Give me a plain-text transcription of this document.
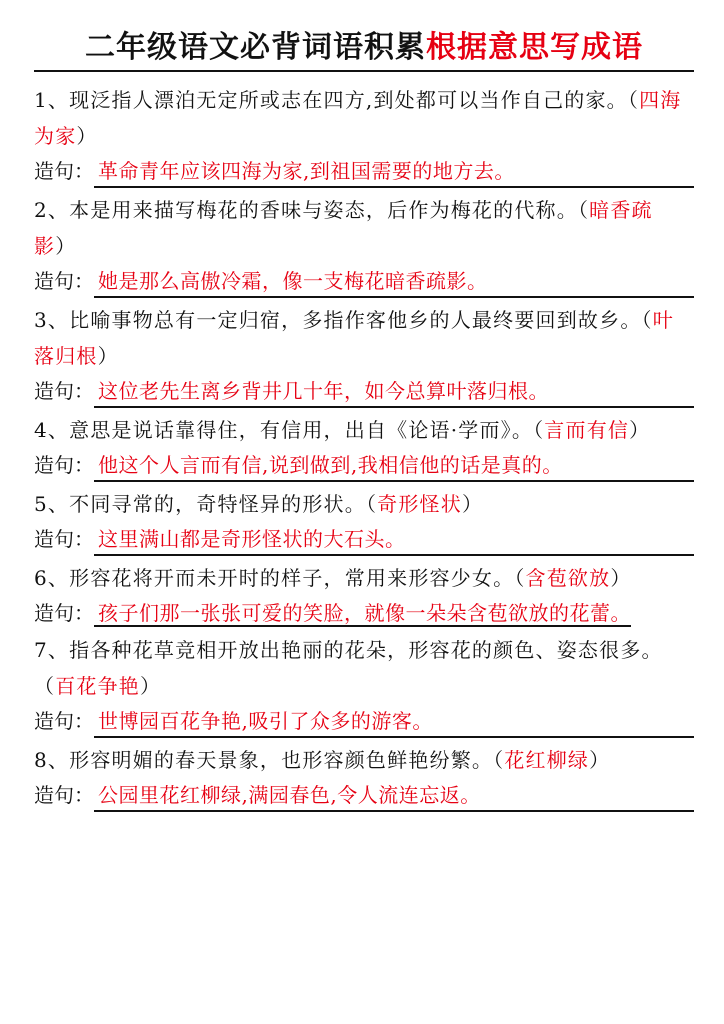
二年级语文必背词语积累 根据意思写成语

1、现泛指人漂泊无定所或志在四方,到处都可以当作自己的家。（四海为家）

造句： 革命青年应该四海为家,到祖国需要的地方去。

2、本是用来描写梅花的香味与姿态，后作为梅花的代称。（暗香疏影）

造句： 她是那么高傲冷霜，像一支梅花暗香疏影。

3、比喻事物总有一定归宿，多指作客他乡的人最终要回到故乡。（叶落归根）

造句： 这位老先生离乡背井几十年，如今总算叶落归根。

4、意思是说话靠得住，有信用，出自《论语·学而》。（言而有信）

造句： 他这个人言而有信,说到做到,我相信他的话是真的。

5、不同寻常的，奇特怪异的形状。（奇形怪状）

造句： 这里满山都是奇形怪状的大石头。

6、形容花将开而未开时的样子，常用来形容少女。（含苞欲放）

造句： 孩子们那一张张可爱的笑脸，就像一朵朵含苞欲放的花蕾。

7、指各种花草竞相开放出艳丽的花朵，形容花的颜色、姿态很多。（百花争艳）

造句： 世博园百花争艳,吸引了众多的游客。

8、形容明媚的春天景象，也形容颜色鲜艳纷繁。（花红柳绿）

造句： 公园里花红柳绿,满园春色,令人流连忘返。
